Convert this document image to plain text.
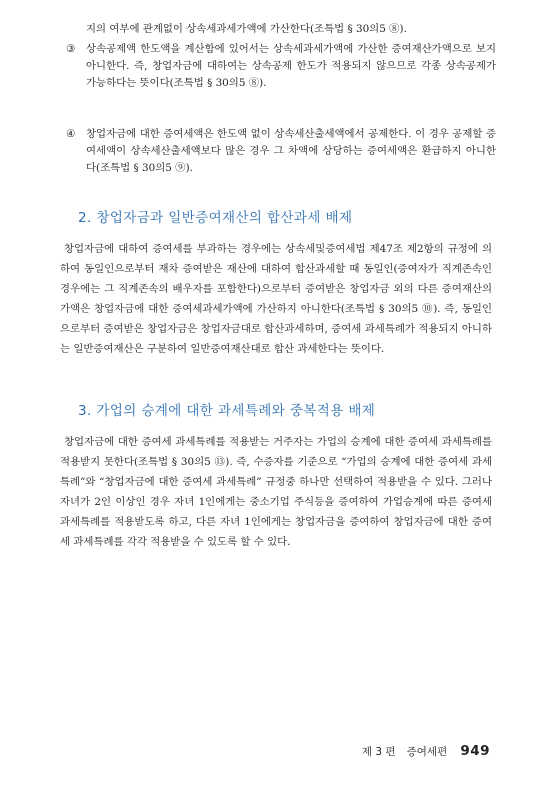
지의 여부에 관계없이 상속세과세가액에 가산한다(조특법 § 30의5 ⑧).
③	상속공제액 한도액을 계산함에 있어서는 상속세과세가액에 가산한 증여재산가액으로 보지 아니한다. 즉, 창업자금에 대하여는 상속공제 한도가 적용되지 않으므로 각종 상속공제가 가능하다는 뜻이다(조특법 § 30의5 ⑧).
④	창업자금에 대한 증여세액은 한도액 없이 상속세산출세액에서 공제한다. 이 경우 공제할 증여세액이 상속세산출세액보다 많은 경우 그 차액에 상당하는 증여세액은 환급하지 아니한다(조특법 § 30의5 ⑨).
2. 창업자금과 일반증여재산의 합산과세 배제
창업자금에 대하여 증여세를 부과하는 경우에는 상속세및증여세법 제47조 제2항의 규정에 의하여 동일인으로부터 재차 증여받은 재산에 대하여 합산과세할 때 동일인(증여자가 직계존속인 경우에는 그 직계존속의 배우자를 포함한다)으로부터 증여받은 창업자금 외의 다른 증여재산의 가액은 창업자금에 대한 증여세과세가액에 가산하지 아니한다(조특법 § 30의5 ⑩). 즉, 동일인으로부터 증여받은 창업자금은 창업자금대로 합산과세하며, 증여세 과세특례가 적용되지 아니하는 일반증여재산은 구분하여 일반증여재산대로 합산 과세한다는 뜻이다.
3. 가업의 승계에 대한 과세특례와 중복적용 배제
창업자금에 대한 증여세 과세특례를 적용받는 거주자는 가업의 승계에 대한 증여세 과세특례를 적용받지 못한다(조특법 § 30의5 ⑬). 즉, 수증자를 기준으로 “가업의 승계에 대한 증여세 과세특례”와 “창업자금에 대한 증여세 과세특례” 규정중 하나만 선택하여 적용받을 수 있다. 그러나 자녀가 2인 이상인 경우 자녀 1인에게는 중소기업 주식등을 증여하여 가업승계에 따른 증여세 과세특례를 적용받도록 하고, 다른 자녀 1인에게는 창업자금을 증여하여 창업자금에 대한 증여세 과세특례를 각각 적용받을 수 있도록 할 수 있다.
제 3 편 증여세편 949
